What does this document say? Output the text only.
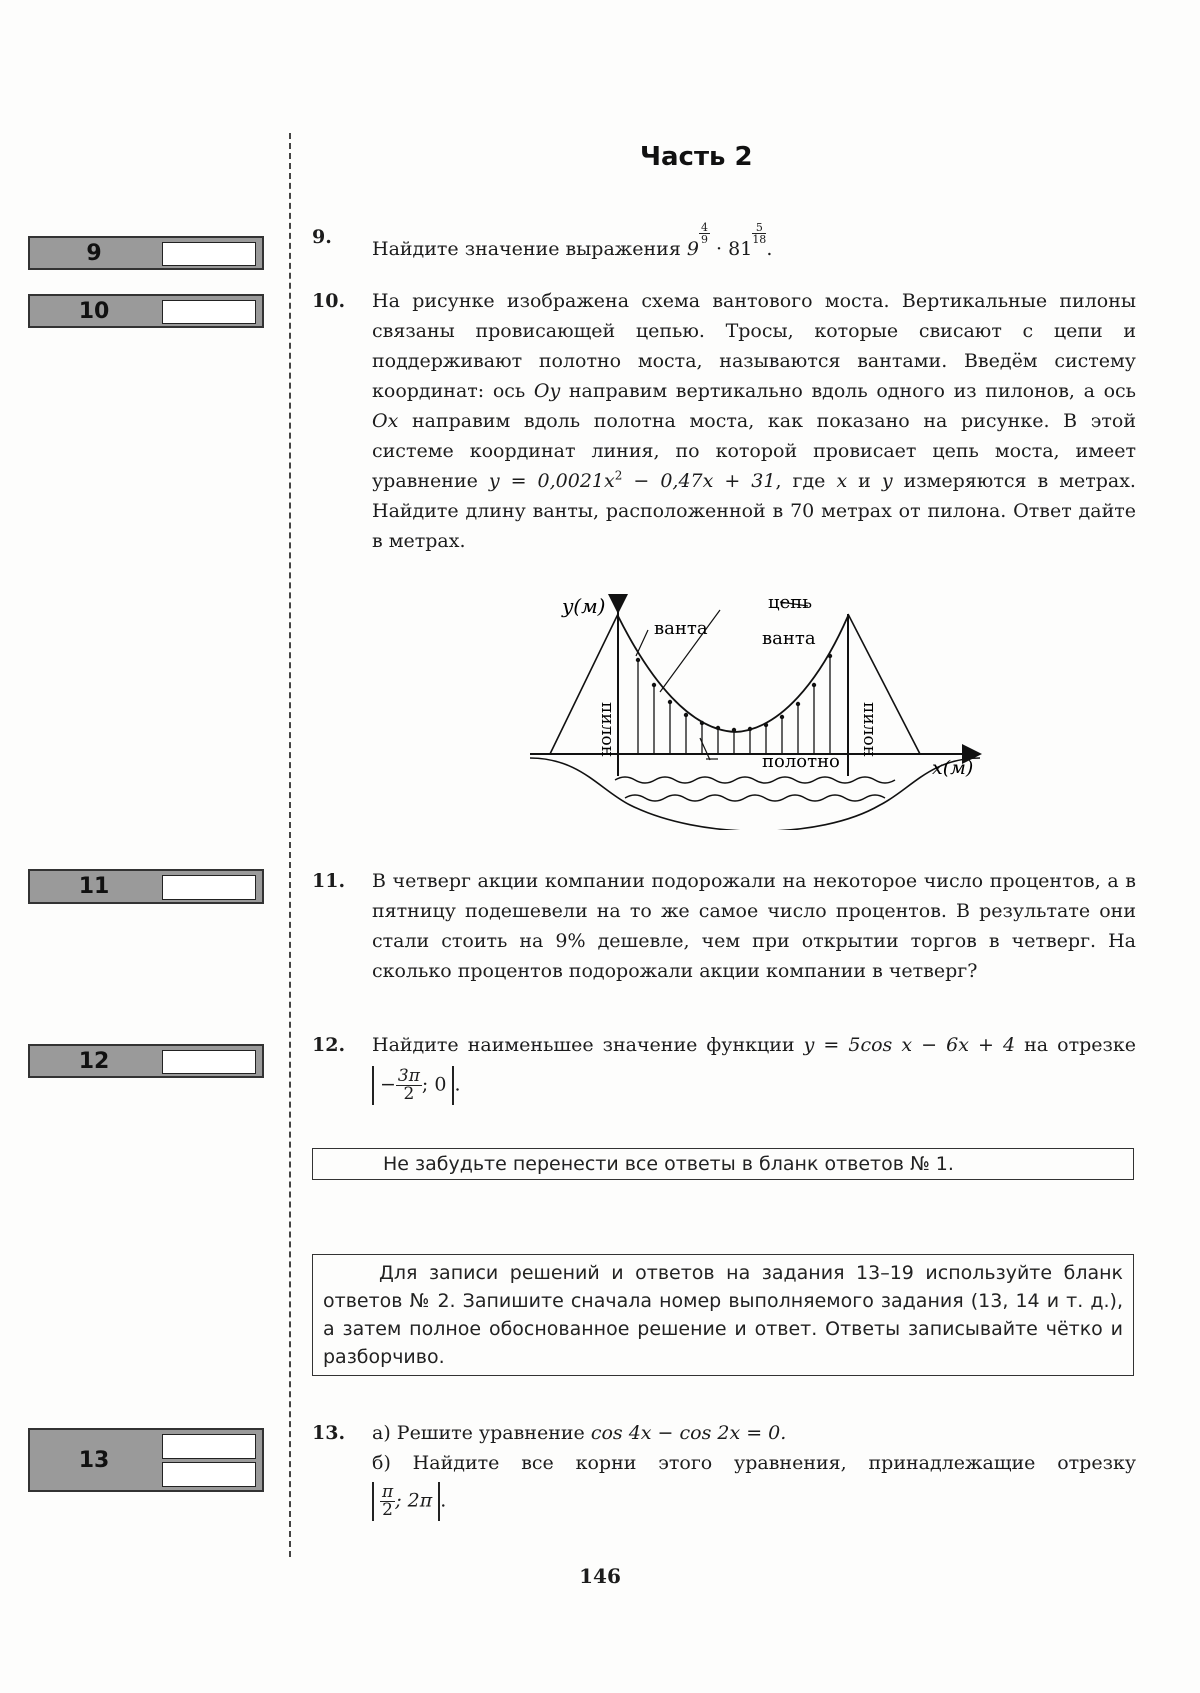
Часть 2
9
10
11
12
13
9.
Найдите значение выражения 9
$\frac{4}{9}$
· 81
$\frac{5}{18}$
.
10. На рисунке изображена схема вантового моста. Вертикальные пилоны связаны провисающей цепью. Тросы, которые свисают с цепи и поддерживают полотно моста, называются вантами. Введём систему координат: ось Oy направим вертикально вдоль одного из пилонов, а ось Ox направим вдоль полотна моста, как показано на рисунке. В этой системе координат линия, по которой провисает цепь моста, имеет уравнение $y = 0,0021x^2 - 0,47x + 31$, где x и y измеряются в метрах. Найдите длину ванты, расположенной в 70 метрах от пилона. Ответ дайте в метрах.
y(м)
x(м)
ванта	ванта
цепь
полотно
пилон	пилон
11. В четверг акции компании подорожали на некоторое число процентов, а в пятницу подешевели на то же самое число процентов. В результате они стали стоить на 9% дешевле, чем при открытии торгов в четверг. На сколько процентов подорожали акции компании в четверг?
12. Найдите наименьшее значение функции y = 5cos x − 6x + 4 на отрезке
− $\frac{3\pi}{2}$ ; 0 .
Не забудьте перенести все ответы в бланк ответов № 1.
Для записи решений и ответов на задания 13–19 используйте бланк ответов № 2. Запишите сначала номер выполняемого задания (13, 14 и т. д.), а затем полное обоснованное решение и ответ. Ответы записывайте чётко и разборчиво.
13. а) Решите уравнение cos 4x − cos 2x = 0.
б) Найдите все корни этого уравнения, принадлежащие отрезку
$\frac{\pi}{2}$ ; 2π .
146
